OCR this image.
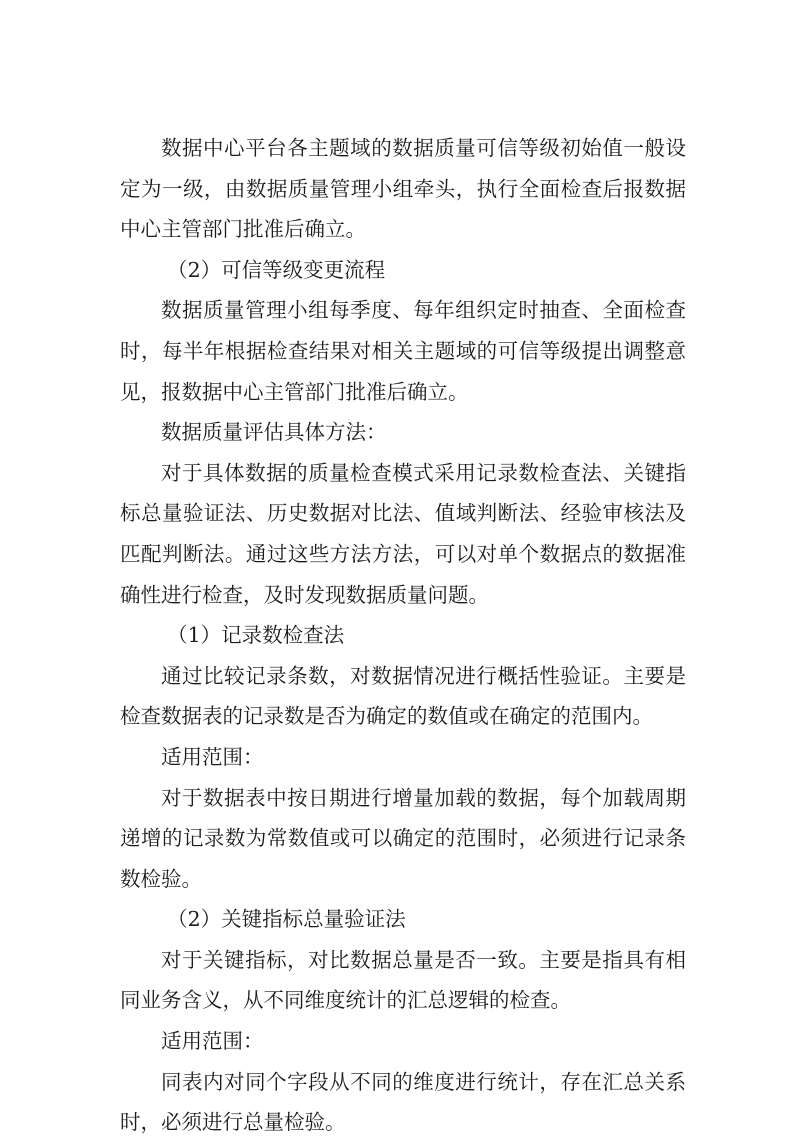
数据中心平台各主题域的数据质量可信等级初始值一般设定为一级，由数据质量管理小组牵头，执行全面检查后报数据中心主管部门批准后确立。

（2）可信等级变更流程

数据质量管理小组每季度、每年组织定时抽查、全面检查时，每半年根据检查结果对相关主题域的可信等级提出调整意见，报数据中心主管部门批准后确立。

数据质量评估具体方法：

对于具体数据的质量检查模式采用记录数检查法、关键指标总量验证法、历史数据对比法、值域判断法、经验审核法及匹配判断法。通过这些方法方法，可以对单个数据点的数据准确性进行检查，及时发现数据质量问题。

（1）记录数检查法

通过比较记录条数，对数据情况进行概括性验证。主要是检查数据表的记录数是否为确定的数值或在确定的范围内。

适用范围：

对于数据表中按日期进行增量加载的数据，每个加载周期递增的记录数为常数值或可以确定的范围时，必须进行记录条数检验。

（2）关键指标总量验证法

对于关键指标，对比数据总量是否一致。主要是指具有相同业务含义，从不同维度统计的汇总逻辑的检查。

适用范围：

同表内对同个字段从不同的维度进行统计，存在汇总关系时，必须进行总量检验。
